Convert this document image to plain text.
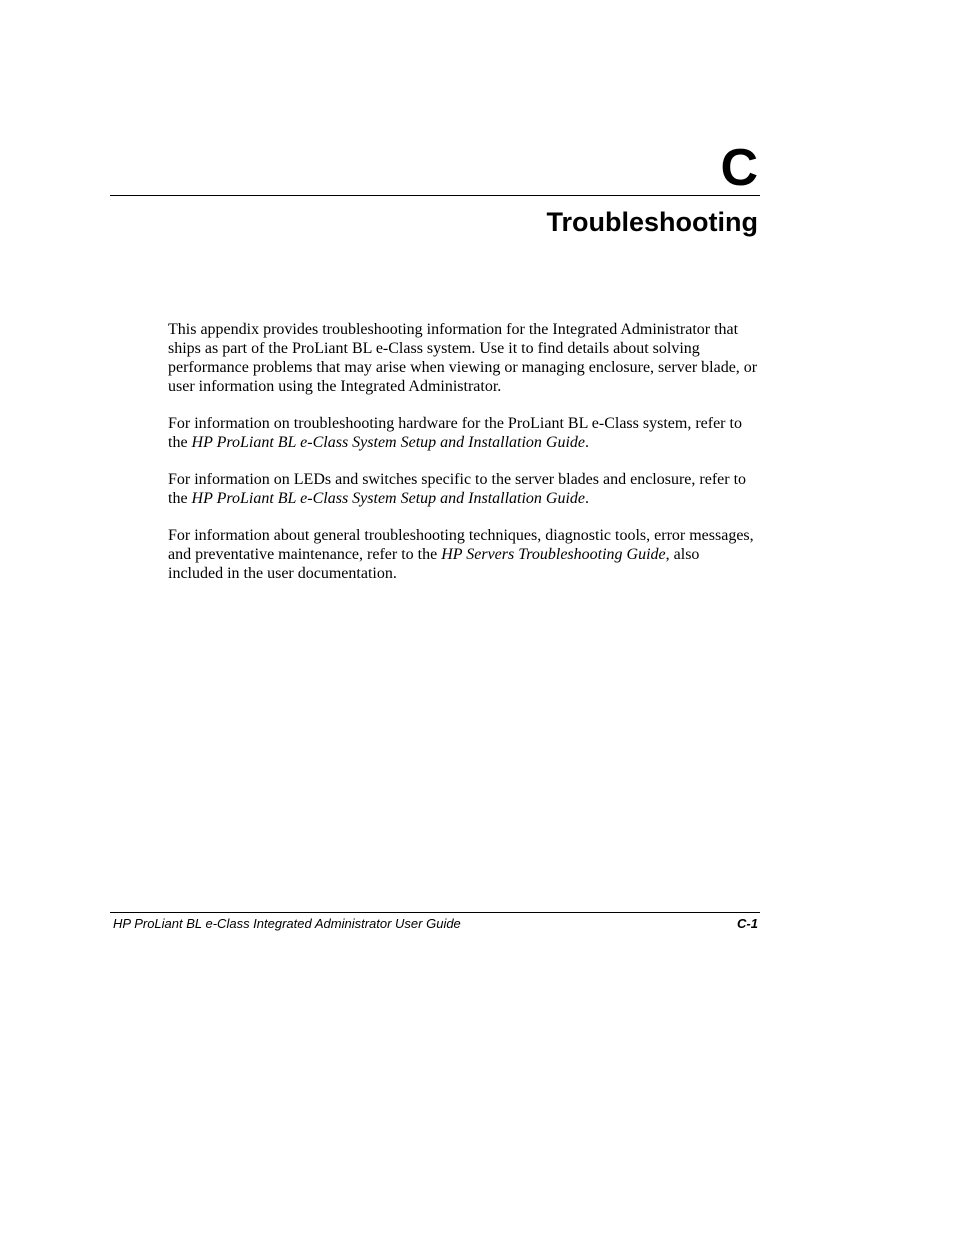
C
Troubleshooting

This appendix provides troubleshooting information for the Integrated Administrator that ships as part of the ProLiant BL e-Class system. Use it to find details about solving performance problems that may arise when viewing or managing enclosure, server blade, or user information using the Integrated Administrator.

For information on troubleshooting hardware for the ProLiant BL e-Class system, refer to the HP ProLiant BL e-Class System Setup and Installation Guide.

For information on LEDs and switches specific to the server blades and enclosure, refer to the HP ProLiant BL e-Class System Setup and Installation Guide.

For information about general troubleshooting techniques, diagnostic tools, error messages, and preventative maintenance, refer to the HP Servers Troubleshooting Guide, also included in the user documentation.

HP ProLiant BL e-Class Integrated Administrator User Guide	C-1
